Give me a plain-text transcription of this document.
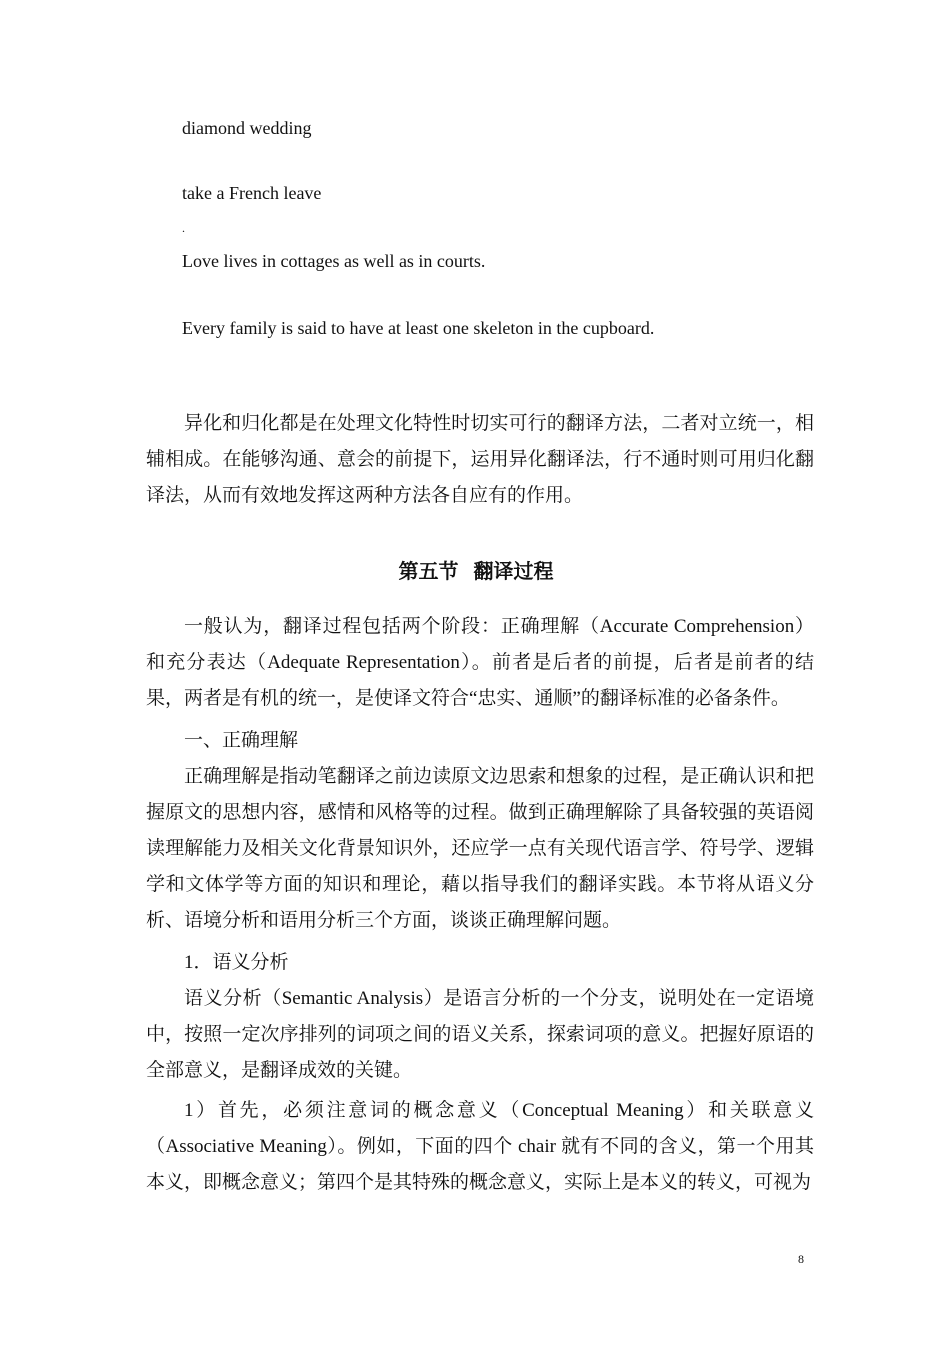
diamond wedding
take a French leave
.
Love lives in cottages as well as in courts.
Every family is said to have at least one skeleton in the cupboard.

异化和归化都是在处理文化特性时切实可行的翻译方法，二者对立统一，相辅相成。在能够沟通、意会的前提下，运用异化翻译法，行不通时则可用归化翻译法，从而有效地发挥这两种方法各自应有的作用。

第五节   翻译过程

一般认为，翻译过程包括两个阶段：正确理解（Accurate Comprehension）和充分表达（Adequate Representation）。前者是后者的前提，后者是前者的结果，两者是有机的统一，是使译文符合“忠实、通顺”的翻译标准的必备条件。

一、正确理解

正确理解是指动笔翻译之前边读原文边思索和想象的过程，是正确认识和把握原文的思想内容，感情和风格等的过程。做到正确理解除了具备较强的英语阅读理解能力及相关文化背景知识外，还应学一点有关现代语言学、符号学、逻辑学和文体学等方面的知识和理论，藉以指导我们的翻译实践。本节将从语义分析、语境分析和语用分析三个方面，谈谈正确理解问题。

1．语义分析

语义分析（Semantic Analysis）是语言分析的一个分支，说明处在一定语境中，按照一定次序排列的词项之间的语义关系，探索词项的意义。把握好原语的全部意义，是翻译成效的关键。

1）首先，必须注意词的概念意义（Conceptual Meaning）和关联意义（Associative Meaning）。例如，下面的四个 chair 就有不同的含义，第一个用其本义，即概念意义；第四个是其特殊的概念意义，实际上是本义的转义，可视为

8
